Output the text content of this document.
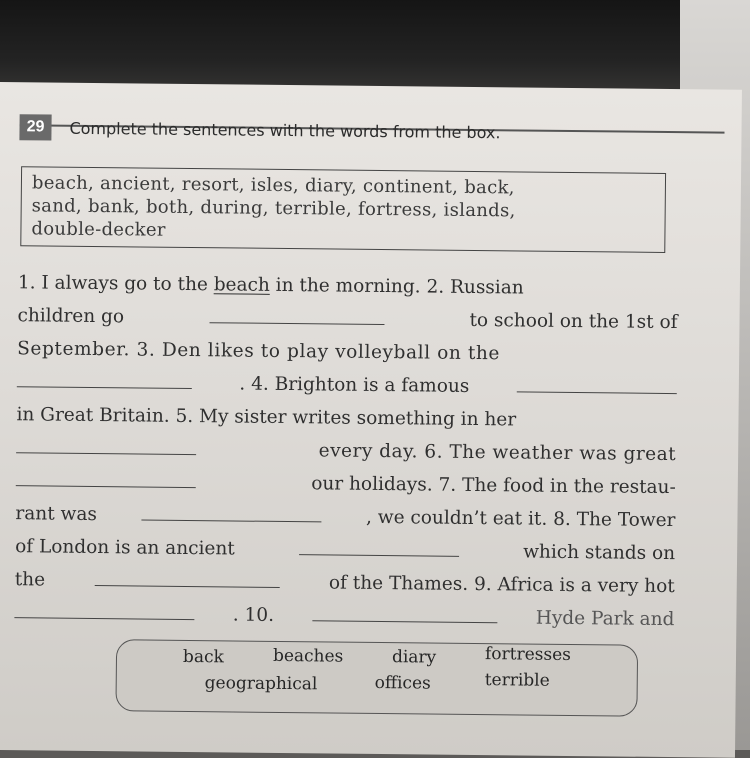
29	Complete the sentences with the words from the box.
beach, ancient, resort, isles, diary, continent, back,
sand, bank, both, during, terrible, fortress, islands,
double-decker
1. I always go to the beach in the morning. 2. Russian
children go	to school on the 1st of
September. 3. Den likes to play volleyball on the
. 4. Brighton is a famous
in Great Britain. 5. My sister writes something in her
every day. 6. The weather was great
our holidays. 7. The food in the restau-
rant was	, we couldn’t eat it. 8. The Tower
of London is an ancient	which stands on
the	of the Thames. 9. Africa is a very hot
. 10.	Hyde Park and
back	beaches	diary	fortresses
geographical	offices	terrible
